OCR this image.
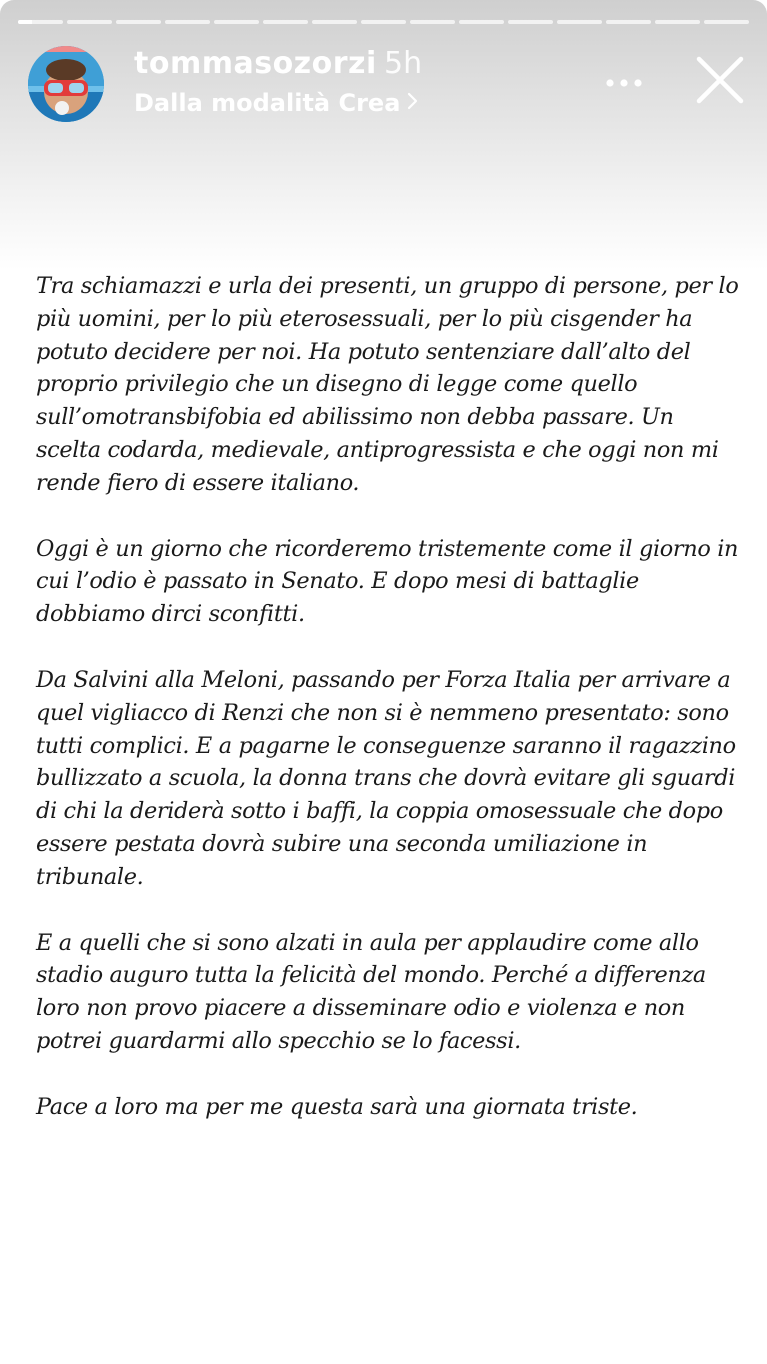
tommasozorzi 5h
Dalla modalità Crea

Tra schiamazzi e urla dei presenti, un gruppo di persone, per lo più uomini, per lo più eterosessuali, per lo più cisgender ha potuto decidere per noi. Ha potuto sentenziare dall’alto del proprio privilegio che un disegno di legge come quello sull’omotransbifobia ed abilissimo non debba passare. Un scelta codarda, medievale, antiprogressista e che oggi non mi rende fiero di essere italiano.

Oggi è un giorno che ricorderemo tristemente come il giorno in cui l’odio è passato in Senato. E dopo mesi di battaglie dobbiamo dirci sconfitti.

Da Salvini alla Meloni, passando per Forza Italia per arrivare a quel vigliacco di Renzi che non si è nemmeno presentato: sono tutti complici. E a pagarne le conseguenze saranno il ragazzino bullizzato a scuola, la donna trans che dovrà evitare gli sguardi di chi la deriderà sotto i baffi, la coppia omosessuale che dopo essere pestata dovrà subire una seconda umiliazione in tribunale.

E a quelli che si sono alzati in aula per applaudire come allo stadio auguro tutta la felicità del mondo. Perché a differenza loro non provo piacere a disseminare odio e violenza e non potrei guardarmi allo specchio se lo facessi.

Pace a loro ma per me questa sarà una giornata triste.
